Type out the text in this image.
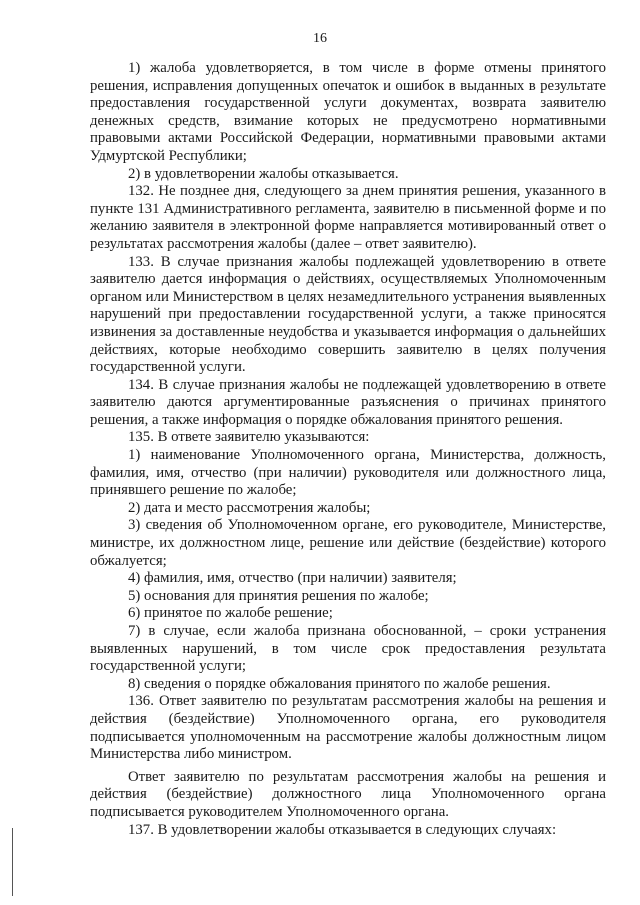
16

1) жалоба удовлетворяется, в том числе в форме отмены принятого решения, исправления допущенных опечаток и ошибок в выданных в результате предоставления государственной услуги документах, возврата заявителю денежных средств, взимание которых не предусмотрено нормативными правовыми актами Российской Федерации, нормативными правовыми актами Удмуртской Республики;

2) в удовлетворении жалобы отказывается.

132. Не позднее дня, следующего за днем принятия решения, указанного в пункте 131 Административного регламента, заявителю в письменной форме и по желанию заявителя в электронной форме направляется мотивированный ответ о результатах рассмотрения жалобы (далее – ответ заявителю).

133. В случае признания жалобы подлежащей удовлетворению в ответе заявителю дается информация о действиях, осуществляемых Уполномоченным органом или Министерством в целях незамедлительного устранения выявленных нарушений при предоставлении государственной услуги, а также приносятся извинения за доставленные неудобства и указывается информация о дальнейших действиях, которые необходимо совершить заявителю в целях получения государственной услуги.

134. В случае признания жалобы не подлежащей удовлетворению в ответе заявителю даются аргументированные разъяснения о причинах принятого решения, а также информация о порядке обжалования принятого решения.

135. В ответе заявителю указываются:

1) наименование Уполномоченного органа, Министерства, должность, фамилия, имя, отчество (при наличии) руководителя или должностного лица, принявшего решение по жалобе;

2) дата и место рассмотрения жалобы;

3) сведения об Уполномоченном органе, его руководителе, Министерстве, министре, их должностном лице, решение или действие (бездействие) которого обжалуется;

4) фамилия, имя, отчество (при наличии) заявителя;

5) основания для принятия решения по жалобе;

6) принятое по жалобе решение;

7) в случае, если жалоба признана обоснованной, – сроки устранения выявленных нарушений, в том числе срок предоставления результата государственной услуги;

8) сведения о порядке обжалования принятого по жалобе решения.

136. Ответ заявителю по результатам рассмотрения жалобы на решения и действия (бездействие) Уполномоченного органа, его руководителя подписывается уполномоченным на рассмотрение жалобы должностным лицом Министерства либо министром.

Ответ заявителю по результатам рассмотрения жалобы на решения и действия (бездействие) должностного лица Уполномоченного органа подписывается руководителем Уполномоченного органа.

137. В удовлетворении жалобы отказывается в следующих случаях:
